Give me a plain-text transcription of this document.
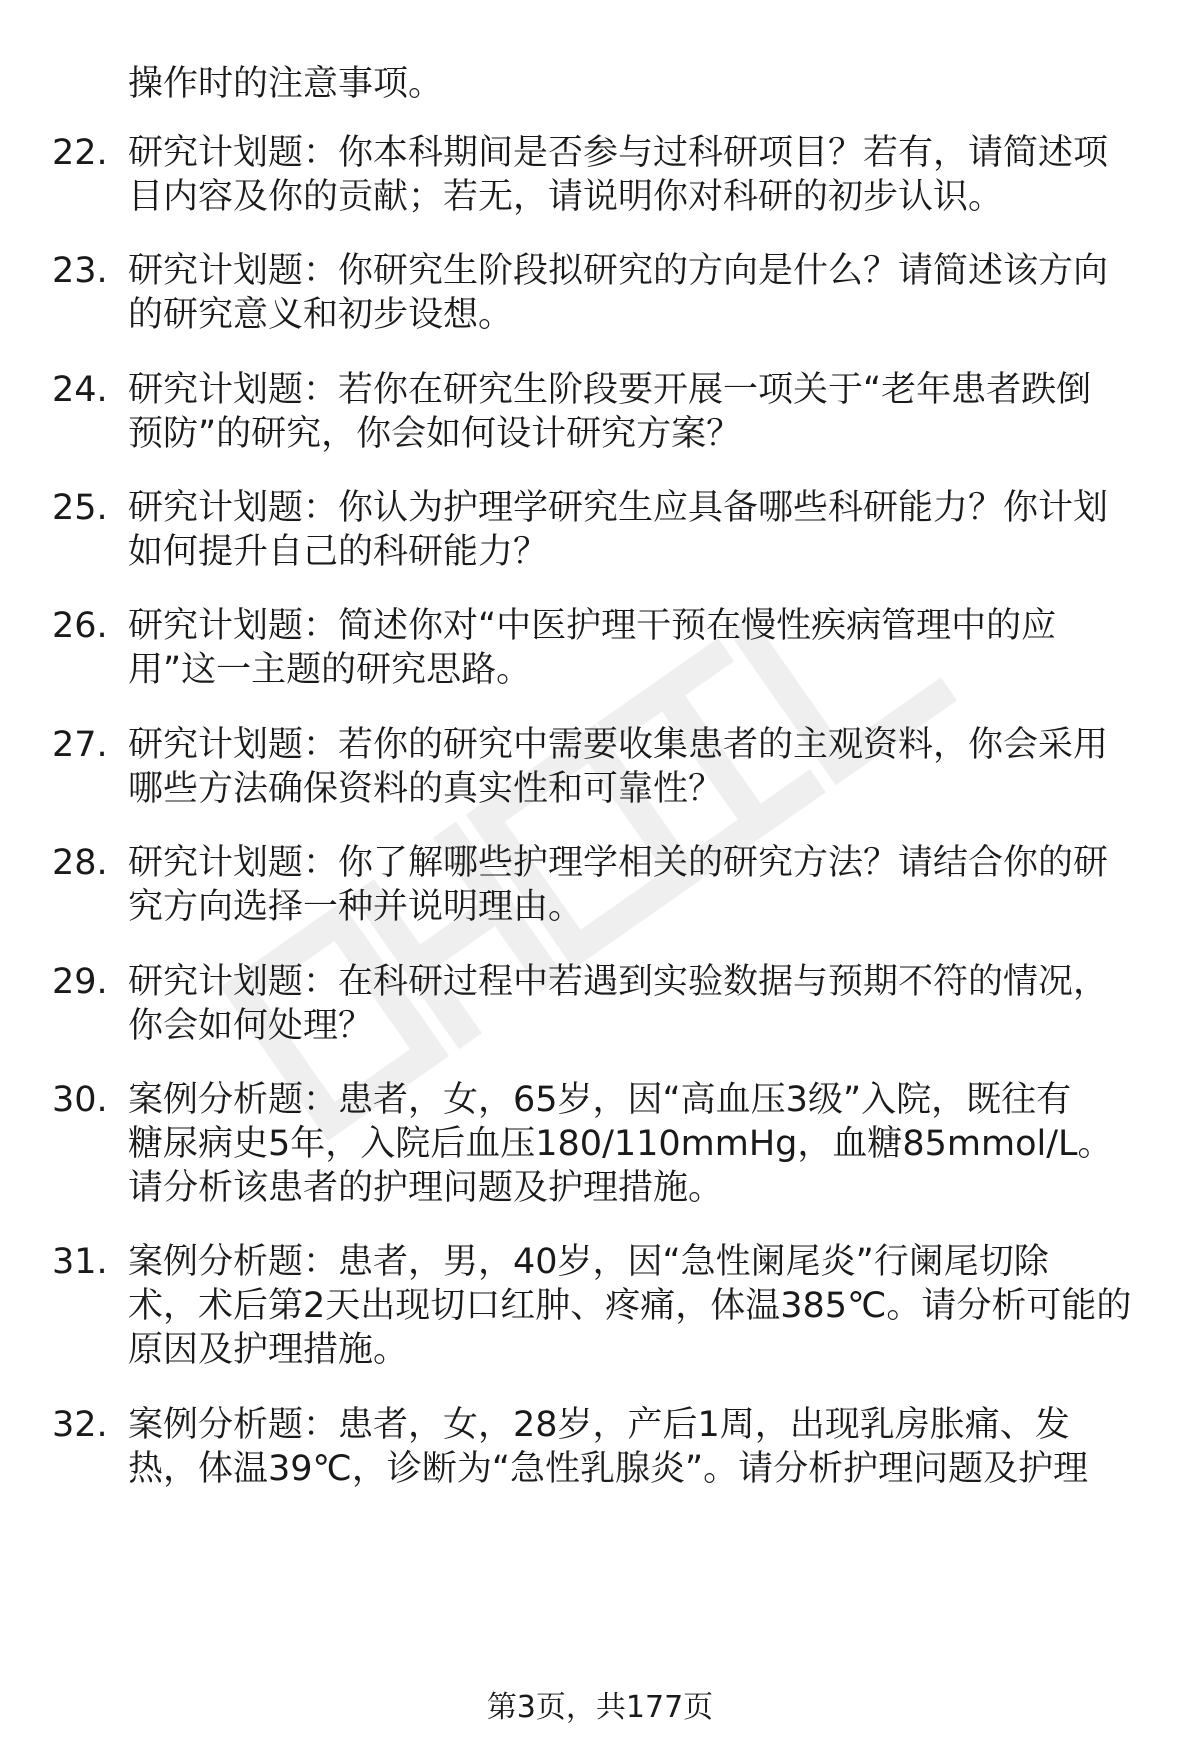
操作时的注意事项。
22. 研究计划题：你本科期间是否参与过科研项目？若有，请简述项
目内容及你的贡献；若无，请说明你对科研的初步认识。
23. 研究计划题：你研究生阶段拟研究的方向是什么？请简述该方向
的研究意义和初步设想。
24. 研究计划题：若你在研究生阶段要开展一项关于“老年患者跌倒
预防”的研究，你会如何设计研究方案？
25. 研究计划题：你认为护理学研究生应具备哪些科研能力？你计划
如何提升自己的科研能力？
26. 研究计划题：简述你对“中医护理干预在慢性疾病管理中的应
用”这一主题的研究思路。
27. 研究计划题：若你的研究中需要收集患者的主观资料，你会采用
哪些方法确保资料的真实性和可靠性？
28. 研究计划题：你了解哪些护理学相关的研究方法？请结合你的研
究方向选择一种并说明理由。
29. 研究计划题：在科研过程中若遇到实验数据与预期不符的情况，
你会如何处理？
30. 案例分析题：患者，女，65岁，因“高血压3级”入院，既往有
糖尿病史5年，入院后血压180/110mmHg，血糖85mmol/L。
请分析该患者的护理问题及护理措施。
31. 案例分析题：患者，男，40岁，因“急性阑尾炎”行阑尾切除
术，术后第2天出现切口红肿、疼痛，体温385℃。请分析可能的
原因及护理措施。
32. 案例分析题：患者，女，28岁，产后1周，出现乳房胀痛、发
热，体温39℃，诊断为“急性乳腺炎”。请分析护理问题及护理
第3页，共177页
